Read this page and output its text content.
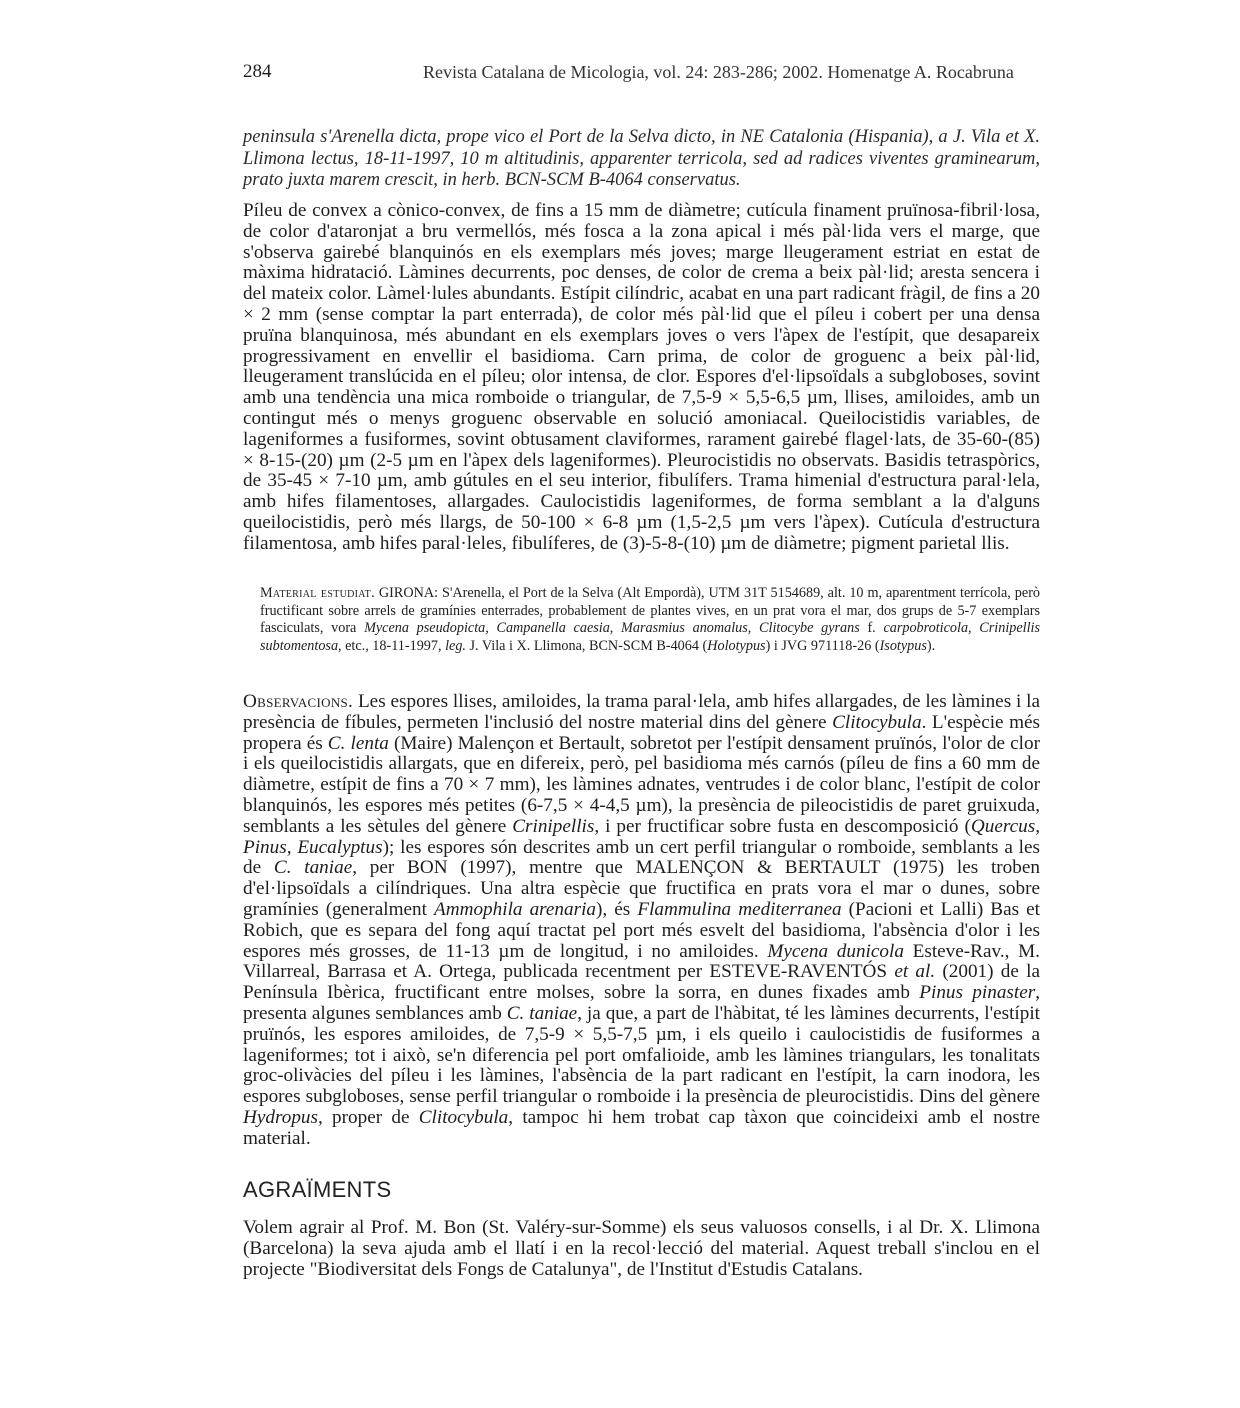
284	Revista Catalana de Micologia, vol. 24: 283-286; 2002. Homenatge A. Rocabruna

peninsula s'Arenella dicta, prope vico el Port de la Selva dicto, in NE Catalonia (Hispania), a J. Vila et X. Llimona lectus, 18-11-1997, 10 m altitudinis, apparenter terricola, sed ad radices viventes graminearum, prato juxta marem crescit, in herb. BCN-SCM B-4064 conservatus.

Píleu de convex a cònico-convex, de fins a 15 mm de diàmetre; cutícula finament pruïnosa-fibril·losa, de color d'ataronjat a bru vermellós, més fosca a la zona apical i més pàl·lida vers el marge, que s'observa gairebé blanquinós en els exemplars més joves; marge lleugerament estriat en estat de màxima hidratació. Làmines decurrents, poc denses, de color de crema a beix pàl·lid; aresta sencera i del mateix color. Làmel·lules abundants. Estípit cilíndric, acabat en una part radicant fràgil, de fins a 20 × 2 mm (sense comptar la part enterrada), de color més pàl·lid que el píleu i cobert per una densa pruïna blanquinosa, més abundant en els exemplars joves o vers l'àpex de l'estípit, que desapareix progressivament en envellir el basidioma. Carn prima, de color de groguenc a beix pàl·lid, lleugerament translúcida en el píleu; olor intensa, de clor. Espores d'el·lipsoïdals a subgloboses, sovint amb una tendència una mica romboide o triangular, de 7,5-9 × 5,5-6,5 µm, llises, amiloides, amb un contingut més o menys groguenc observable en solució amoniacal. Queilocistidis variables, de lageniformes a fusiformes, sovint obtusament claviformes, rarament gairebé flagel·lats, de 35-60-(85) × 8-15-(20) µm (2-5 µm en l'àpex dels lageniformes). Pleurocistidis no observats. Basidis tetraspòrics, de 35-45 × 7-10 µm, amb gútules en el seu interior, fibulífers. Trama himenial d'estructura paral·lela, amb hifes filamentoses, allargades. Caulocistidis lageniformes, de forma semblant a la d'alguns queilocistidis, però més llargs, de 50-100 × 6-8 µm (1,5-2,5 µm vers l'àpex). Cutícula d'estructura filamentosa, amb hifes paral·leles, fibulíferes, de (3)-5-8-(10) µm de diàmetre; pigment parietal llis.

Material estudiat. GIRONA: S'Arenella, el Port de la Selva (Alt Empordà), UTM 31T 5154689, alt. 10 m, aparentment terrícola, però fructificant sobre arrels de gramínies enterrades, probablement de plantes vives, en un prat vora el mar, dos grups de 5-7 exemplars fasciculats, vora Mycena pseudopicta, Campanella caesia, Marasmius anomalus, Clitocybe gyrans f. carpobroticola, Crinipellis subtomentosa, etc., 18-11-1997, leg. J. Vila i X. Llimona, BCN-SCM B-4064 (Holotypus) i JVG 971118-26 (Isotypus).

Observacions. Les espores llises, amiloides, la trama paral·lela, amb hifes allargades, de les làmines i la presència de fíbules, permeten l'inclusió del nostre material dins del gènere Clitocybula. L'espècie més propera és C. lenta (Maire) Malençon et Bertault, sobretot per l'estípit densament pruïnós, l'olor de clor i els queilocistidis allargats, que en difereix, però, pel basidioma més carnós (píleu de fins a 60 mm de diàmetre, estípit de fins a 70 × 7 mm), les làmines adnates, ventrudes i de color blanc, l'estípit de color blanquinós, les espores més petites (6-7,5 × 4-4,5 µm), la presència de pileocistidis de paret gruixuda, semblants a les sètules del gènere Crinipellis, i per fructificar sobre fusta en descomposició (Quercus, Pinus, Eucalyptus); les espores són descrites amb un cert perfil triangular o romboide, semblants a les de C. taniae, per BON (1997), mentre que MALENÇON & BERTAULT (1975) les troben d'el·lipsoïdals a cilíndriques. Una altra espècie que fructifica en prats vora el mar o dunes, sobre gramínies (generalment Ammophila arenaria), és Flammulina mediterranea (Pacioni et Lalli) Bas et Robich, que es separa del fong aquí tractat pel port més esvelt del basidioma, l'absència d'olor i les espores més grosses, de 11-13 µm de longitud, i no amiloides. Mycena dunicola Esteve-Rav., M. Villarreal, Barrasa et A. Ortega, publicada recentment per ESTEVE-RAVENTÓS et al. (2001) de la Península Ibèrica, fructificant entre molses, sobre la sorra, en dunes fixades amb Pinus pinaster, presenta algunes semblances amb C. taniae, ja que, a part de l'hàbitat, té les làmines decurrents, l'estípit pruïnós, les espores amiloides, de 7,5-9 × 5,5-7,5 µm, i els queilo i caulocistidis de fusiformes a lageniformes; tot i això, se'n diferencia pel port omfalioide, amb les làmines triangulars, les tonalitats groc-olivàcies del píleu i les làmines, l'absència de la part radicant en l'estípit, la carn inodora, les espores subgloboses, sense perfil triangular o romboide i la presència de pleurocistidis. Dins del gènere Hydropus, proper de Clitocybula, tampoc hi hem trobat cap tàxon que coincideixi amb el nostre material.

AGRAÏMENTS

Volem agrair al Prof. M. Bon (St. Valéry-sur-Somme) els seus valuosos consells, i al Dr. X. Llimona (Barcelona) la seva ajuda amb el llatí i en la recol·lecció del material. Aquest treball s'inclou en el projecte "Biodiversitat dels Fongs de Catalunya", de l'Institut d'Estudis Catalans.
